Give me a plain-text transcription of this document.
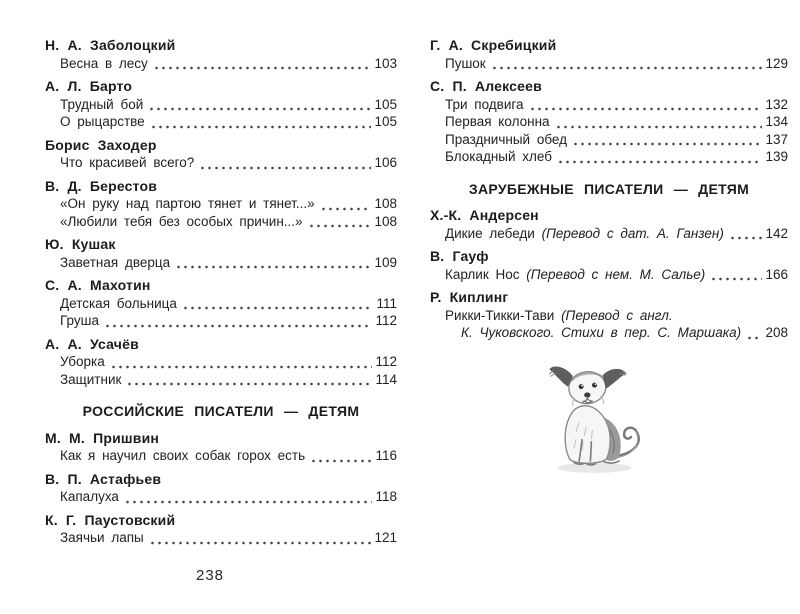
Н. А. Заболоцкий
Весна в лесу	103
А. Л. Барто
Трудный бой	105
О рыцарстве	105
Борис Заходер
Что красивей всего?	106
В. Д. Берестов
«Он руку над партою тянет и тянет...»	108
«Любили тебя без особых причин...»	108
Ю. Кушак
Заветная дверца	109
С. А. Махотин
Детская больница	111
Груша	112
А. А. Усачёв
Уборка	112
Защитник	114
РОССИЙСКИЕ ПИСАТЕЛИ — ДЕТЯМ
М. М. Пришвин
Как я научил своих собак горох есть	116
В. П. Астафьев
Капалуха	118
К. Г. Паустовский
Заячьи лапы	121
Г. А. Скребицкий
Пушок	129
С. П. Алексеев
Три подвига	132
Первая колонна	134
Праздничный обед	137
Блокадный хлеб	139
ЗАРУБЕЖНЫЕ ПИСАТЕЛИ — ДЕТЯМ
Х.-К. Андерсен
Дикие лебеди (Перевод с дат. А. Ганзен)	142
В. Гауф
Карлик Нос (Перевод с нем. М. Салье)	166
Р. Киплинг
Рикки-Тикки-Тави (Перевод с англ.
К. Чуковского. Стихи в пер. С. Маршака) 208
238
